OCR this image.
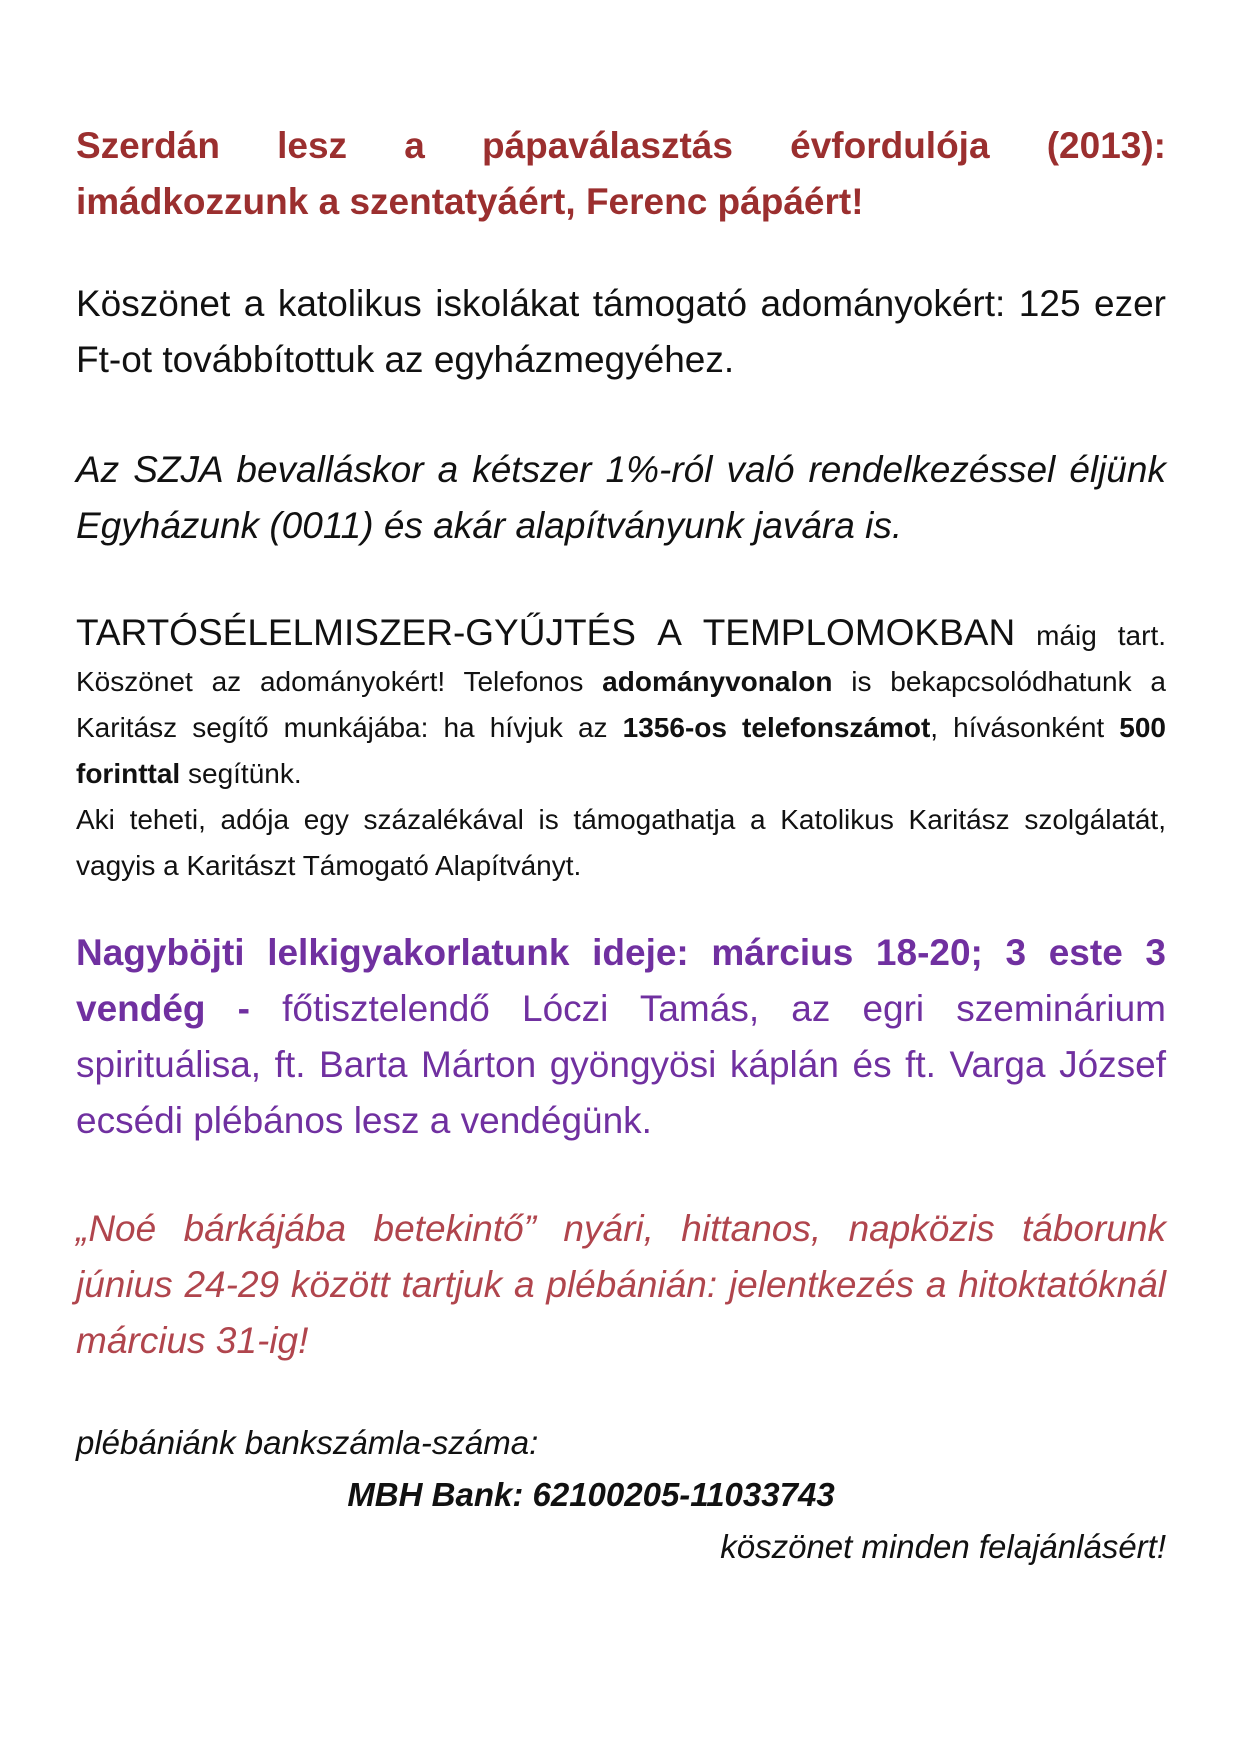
Szerdán lesz a pápaválasztás évfordulója (2013): imádkozzunk a szentatyáért, Ferenc pápáért!
Köszönet a katolikus iskolákat támogató adományokért: 125 ezer Ft-ot továbbítottuk az egyházmegyéhez.
Az SZJA bevalláskor a kétszer 1%-ról való rendelkezéssel éljünk Egyházunk (0011) és akár alapítványunk javára is.
TARTÓSÉLELMISZER-GYŰJTÉS A TEMPLOMOKBAN máig tart. Köszönet az adományokért! Telefonos adományvonalon is bekapcsolódhatunk a Karitász segítő munkájába: ha hívjuk az 1356-os telefonszámot, hívásonként 500 forinttal segítünk.
Aki teheti, adója egy százalékával is támogathatja a Katolikus Karitász szolgálatát, vagyis a Karitászt Támogató Alapítványt.
Nagyböjti lelkigyakorlatunk ideje: március 18-20; 3 este 3 vendég - főtisztelendő Lóczi Tamás, az egri szeminárium spirituálisa, ft. Barta Márton gyöngyösi káplán és ft. Varga József ecsédi plébános lesz a vendégünk.
„Noé bárkájába betekintő” nyári, hittanos, napközis táborunk június 24-29 között tartjuk a plébánián: jelentkezés a hitoktatóknál március 31-ig!
plébániánk bankszámla-száma:
MBH Bank: 62100205-11033743
köszönet minden felajánlásért!
